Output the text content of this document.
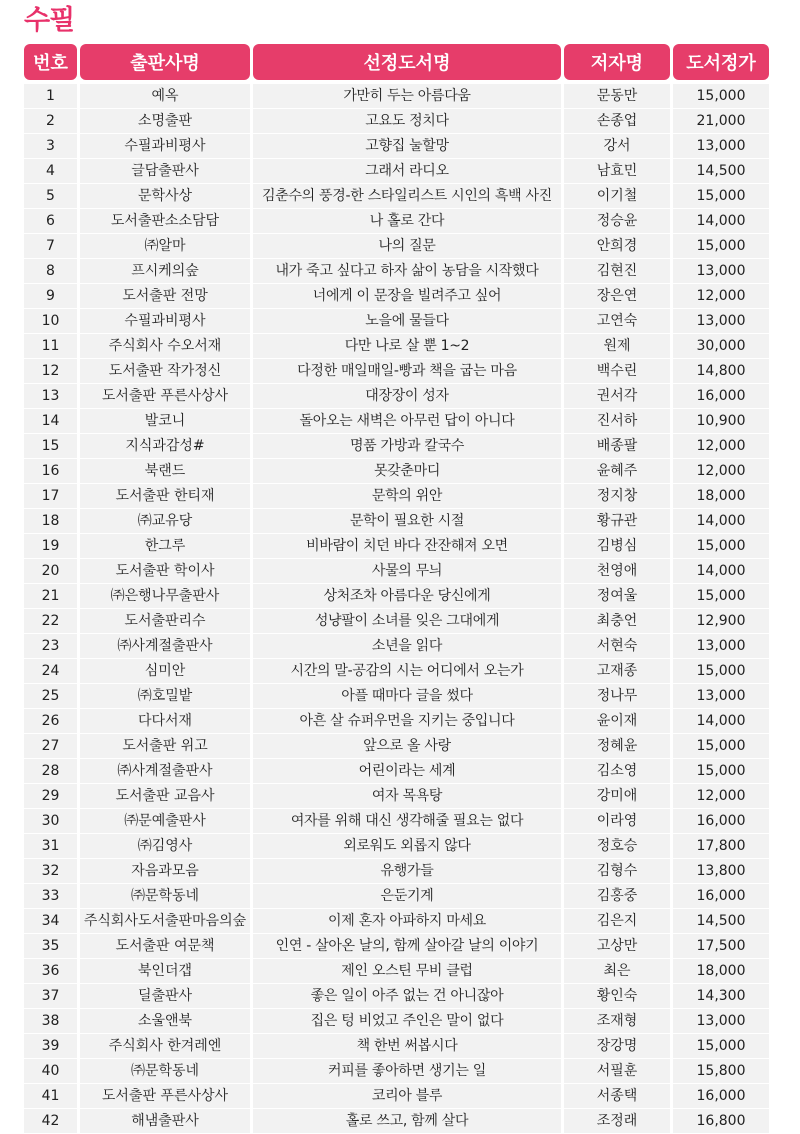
수필
번호	출판사명	선정도서명	저자명	도서정가
1	예옥	가만히 두는 아름다움	문동만	15,000
2	소명출판	고요도 정치다	손종업	21,000
3	수필과비평사	고향집 눌할망	강서	13,000
4	글담출판사	그래서 라디오	남효민	14,500
5	문학사상	김춘수의 풍경-한 스타일리스트 시인의 흑백 사진	이기철	15,000
6	도서출판소소담담	나 홀로 간다	정승윤	14,000
7	㈜알마	나의 질문	안희경	15,000
8	프시케의숲	내가 죽고 싶다고 하자 삶이 농담을 시작했다	김현진	13,000
9	도서출판 전망	너에게 이 문장을 빌려주고 싶어	장은연	12,000
10	수필과비평사	노을에 물들다	고연숙	13,000
11	주식회사 수오서재	다만 나로 살 뿐 1~2	원제	30,000
12	도서출판 작가정신	다정한 매일매일-빵과 책을 굽는 마음	백수린	14,800
13	도서출판 푸른사상사	대장장이 성자	권서각	16,000
14	발코니	돌아오는 새벽은 아무런 답이 아니다	진서하	10,900
15	지식과감성#	명품 가방과 칼국수	배종팔	12,000
16	북랜드	못갖춘마디	윤혜주	12,000
17	도서출판 한티재	문학의 위안	정지창	18,000
18	㈜교유당	문학이 필요한 시절	황규관	14,000
19	한그루	비바람이 치던 바다 잔잔해져 오면	김병심	15,000
20	도서출판 학이사	사물의 무늬	천영애	14,000
21	㈜은행나무출판사	상처조차 아름다운 당신에게	정여울	15,000
22	도서출판리수	성냥팔이 소녀를 잊은 그대에게	최충언	12,900
23	㈜사계절출판사	소년을 읽다	서현숙	13,000
24	심미안	시간의 말-공감의 시는 어디에서 오는가	고재종	15,000
25	㈜호밀밭	아플 때마다 글을 썼다	정나무	13,000
26	다다서재	아흔 살 슈퍼우먼을 지키는 중입니다	윤이재	14,000
27	도서출판 위고	앞으로 올 사랑	정혜윤	15,000
28	㈜사계절출판사	어린이라는 세계	김소영	15,000
29	도서출판 교음사	여자 목욕탕	강미애	12,000
30	㈜문예출판사	여자를 위해 대신 생각해줄 필요는 없다	이라영	16,000
31	㈜김영사	외로워도 외롭지 않다	정호승	17,800
32	자음과모음	유행가들	김형수	13,800
33	㈜문학동네	은둔기계	김홍중	16,000
34	주식회사도서출판마음의숲	이제 혼자 아파하지 마세요	김은지	14,500
35	도서출판 여문책	인연 - 살아온 날의, 함께 살아갈 날의 이야기	고상만	17,500
36	북인더갭	제인 오스틴 무비 클럽	최은	18,000
37	딜출판사	좋은 일이 아주 없는 건 아니잖아	황인숙	14,300
38	소울앤북	집은 텅 비었고 주인은 말이 없다	조재형	13,000
39	주식회사 한겨레엔	책 한번 써봅시다	장강명	15,000
40	㈜문학동네	커피를 좋아하면 생기는 일	서필훈	15,800
41	도서출판 푸른사상사	코리아 블루	서종택	16,000
42	해냄출판사	홀로 쓰고, 함께 살다	조정래	16,800
